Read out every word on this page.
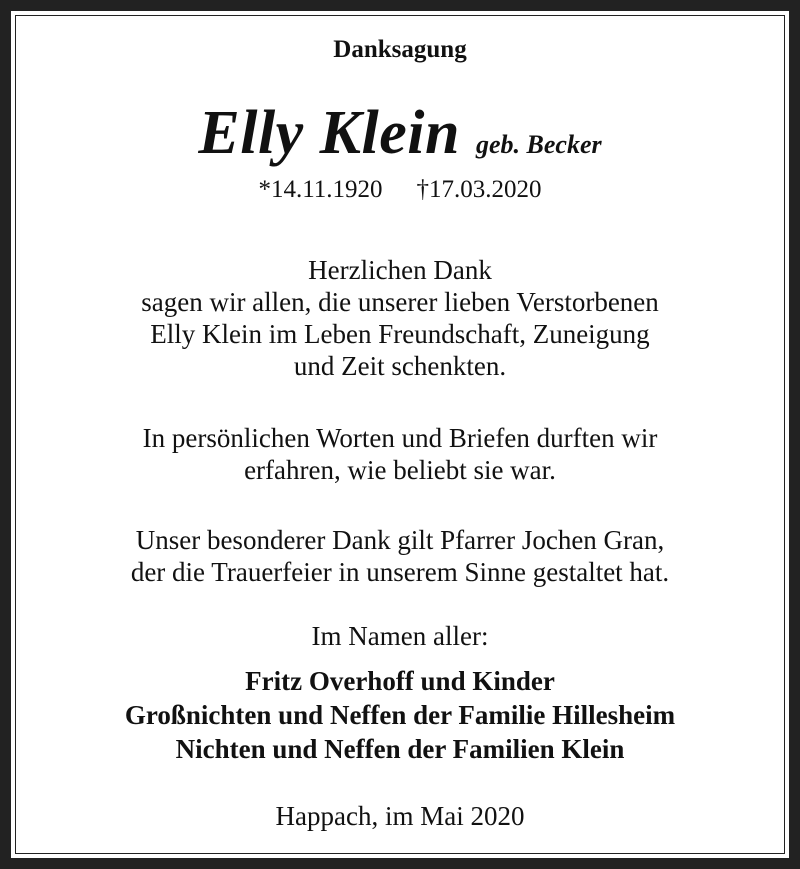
Danksagung
Elly Klein geb. Becker
*14.11.1920 †17.03.2020
Herzlichen Dank
sagen wir allen, die unserer lieben Verstorbenen
Elly Klein im Leben Freundschaft, Zuneigung
und Zeit schenkten.
In persönlichen Worten und Briefen durften wir
erfahren, wie beliebt sie war.
Unser besonderer Dank gilt Pfarrer Jochen Gran,
der die Trauerfeier in unserem Sinne gestaltet hat.
Im Namen aller:
Fritz Overhoff und Kinder
Großnichten und Neffen der Familie Hillesheim
Nichten und Neffen der Familien Klein
Happach, im Mai 2020
